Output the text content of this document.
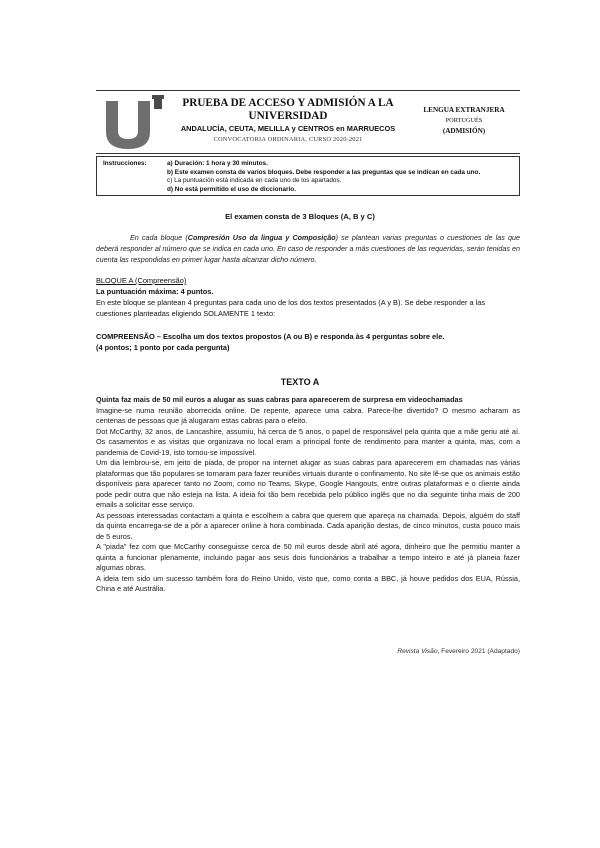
PRUEBA DE ACCESO Y ADMISIÓN A LA UNIVERSIDAD
ANDALUCÍA, CEUTA, MELILLA y CENTROS en MARRUECOS
CONVOCATORIA ORDINARIA, CURSO 2020-2021
LENGUA EXTRANJERA
PORTUGUÉS
(ADMISIÓN)
Instrucciones:	a) Duración: 1 hora y 30 minutos.
b) Este examen consta de varios bloques. Debe responder a las preguntas que se indican en cada uno.
c) La puntuación está indicada en cada uno de los apartados.
d) No está permitido el uso de diccionario.
El examen consta de 3 Bloques (A, B y C)
En cada bloque (Compresión Uso da lingua y Composição) se plantean varias preguntas o cuestiones de las que deberá responder al número que se indica en cada uno. En caso de responder a más cuestiones de las requeridas, serán tenidas en cuenta las respondidas en primer lugar hasta alcanzar dicho número.
BLOQUE A (Compreensão)
La puntuación máxima: 4 puntos.
En este bloque se plantean 4 preguntas para cada uno de los dos textos presentados (A y B). Se debe responder a las cuestiones planteadas eligiendo SOLAMENTE 1 texto:
COMPREENSÃO – Escolha um dos textos propostos (A ou B) e responda às 4 perguntas sobre ele.
(4 pontos; 1 ponto por cada pergunta)
TEXTO A

Quinta faz mais de 50 mil euros a alugar as suas cabras para aparecerem de surpresa em videochamadas

Imagine-se numa reunião aborrecida online. De repente, aparece uma cabra. Parece-lhe divertido? O mesmo acharam as centenas de pessoas que já alugaram estas cabras para o efeito.

Dot McCarthy, 32 anos, de Lancashire, assumiu, há cerca de 5 anos, o papel de responsável pela quinta que a mãe geriu até aí. Os casamentos e as visitas que organizava no local eram a principal fonte de rendimento para manter a quinta, mas, com a pandemia de Covid-19, isto tornou-se impossível.

Um dia lembrou-se, em jeito de piada, de propor na internet alugar as suas cabras para aparecerem em chamadas nas várias plataformas que tão populares se tornaram para fazer reuniões virtuais durante o confinamento. No site lê-se que os animais estão disponíveis para aparecer tanto no Zoom, como no Teams, Skype, Google Hangouts, entre outras plataformas e o cliente ainda pode pedir outra que não esteja na lista. A ideia foi tão bem recebida pelo público inglês que no dia seguinte tinha mais de 200 emails a solicitar esse serviço.

As pessoas interessadas contactam a quinta e escolhem a cabra que querem que apareça na chamada. Depois, alguém do staff da quinta encarrega-se de a pôr a aparecer online à hora combinada. Cada aparição destas, de cinco minutos, custa pouco mais de 5 euros.

A "piada" fez com que McCarthy conseguisse cerca de 50 mil euros desde abril até agora, dinheiro que lhe permitiu manter a quinta a funcionar plenamente, incluindo pagar aos seus dois funcionários a trabalhar a tempo inteiro e até já planeia fazer algumas obras.

A ideia tem sido um sucesso também fora do Reino Unido, visto que, como conta a BBC, já houve pedidos dos EUA, Rússia, China e até Austrália.

Revista Visão, Fevereiro 2021 (Adaptado)
